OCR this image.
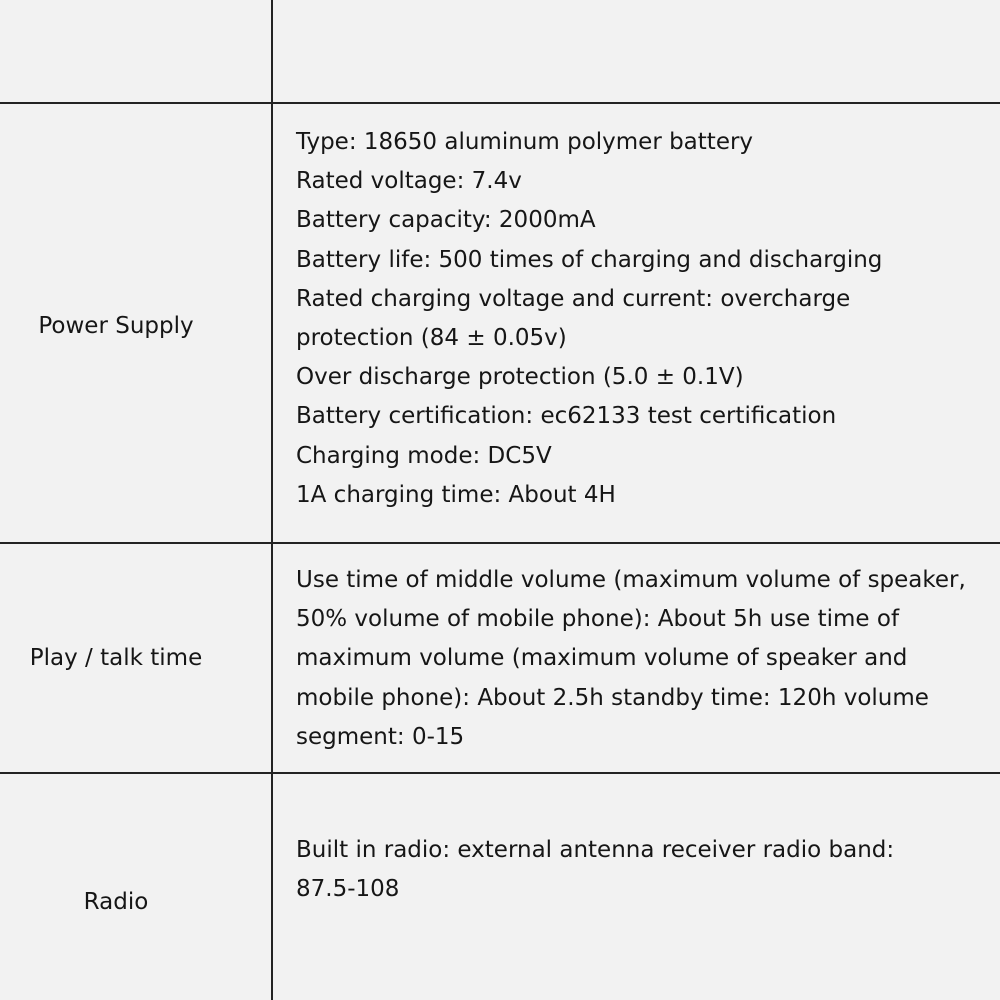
Power Supply
Type: 18650 aluminum polymer battery
Rated voltage: 7.4v
Battery capacity: 2000mA
Battery life: 500 times of charging and discharging
Rated charging voltage and current: overcharge
protection (84 ± 0.05v)
Over discharge protection (5.0 ± 0.1V)
Battery certification: ec62133 test certification
Charging mode: DC5V
1A charging time: About 4H
Play / talk time
Use time of middle volume (maximum volume of speaker,
50% volume of mobile phone): About 5h use time of
maximum volume (maximum volume of speaker and
mobile phone): About 2.5h standby time: 120h volume
segment: 0-15
Radio
Built in radio: external antenna receiver radio band:
87.5-108
